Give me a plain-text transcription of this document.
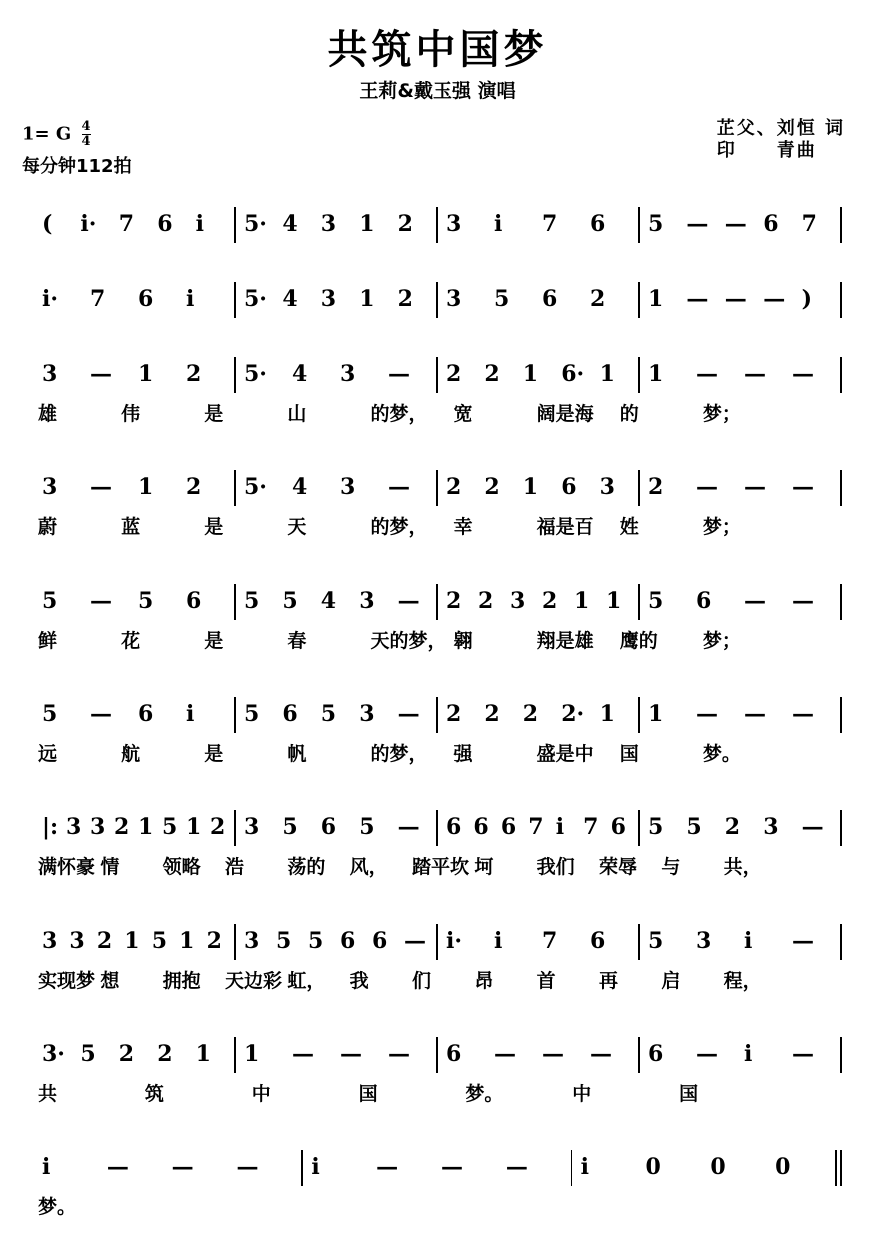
共筑中国梦
王莉&戴玉强 演唱
1= G $\frac{4}{4}$
每分钟112拍
芷父、刘恒 词
印　　青曲
( i· 7 6 i 5· 4 3 1 2 3 i 7 6 5 — — 6 7
i· 7 6 i 5· 4 3 1 2 3 5 6 2 1 — — — )
3 — 1 2 5· 4 3 — 2 2 1 6· 1 1 — — —
雄	伟	是	山	的梦， 宽	阔是海 的	梦；
3 — 1 2 5· 4 3 — 2 2 1 6 3 2 — — —
蔚	蓝	是	天	的梦， 幸	福是百 姓	梦；
5 — 5 6 5 5 4 3 — 2 2 3 2 1 1 5 6 — —
鲜	花	是	春	天的梦， 翱	翔是雄 鹰的 梦；
5 — 6 i 5 6 5 3 — 2 2 2 2· 1 1 — — —
远	航	是	帆	的梦， 强	盛是中 国	梦。
|: 3 3 2 1 5 1 2 3 5 6 5 — 6 6 6 7 i 7 6 5 5 2 3 —
满怀豪 情 领略 浩 荡的 风， 踏平坎 坷 我们 荣辱 与 共，
3 3 2 1 5 1 2 3 5 5 6 6 — i· i 7 6 5 3 i —
实现梦 想 拥抱 天边彩 虹， 我 们 昂 首 再 启 程，
3· 5 2 2 1 1 — — — 6 — — — 6 — i —
共	筑	中	国	梦。	中	国
i	— — — i	— — — i	0 0 0
梦。
